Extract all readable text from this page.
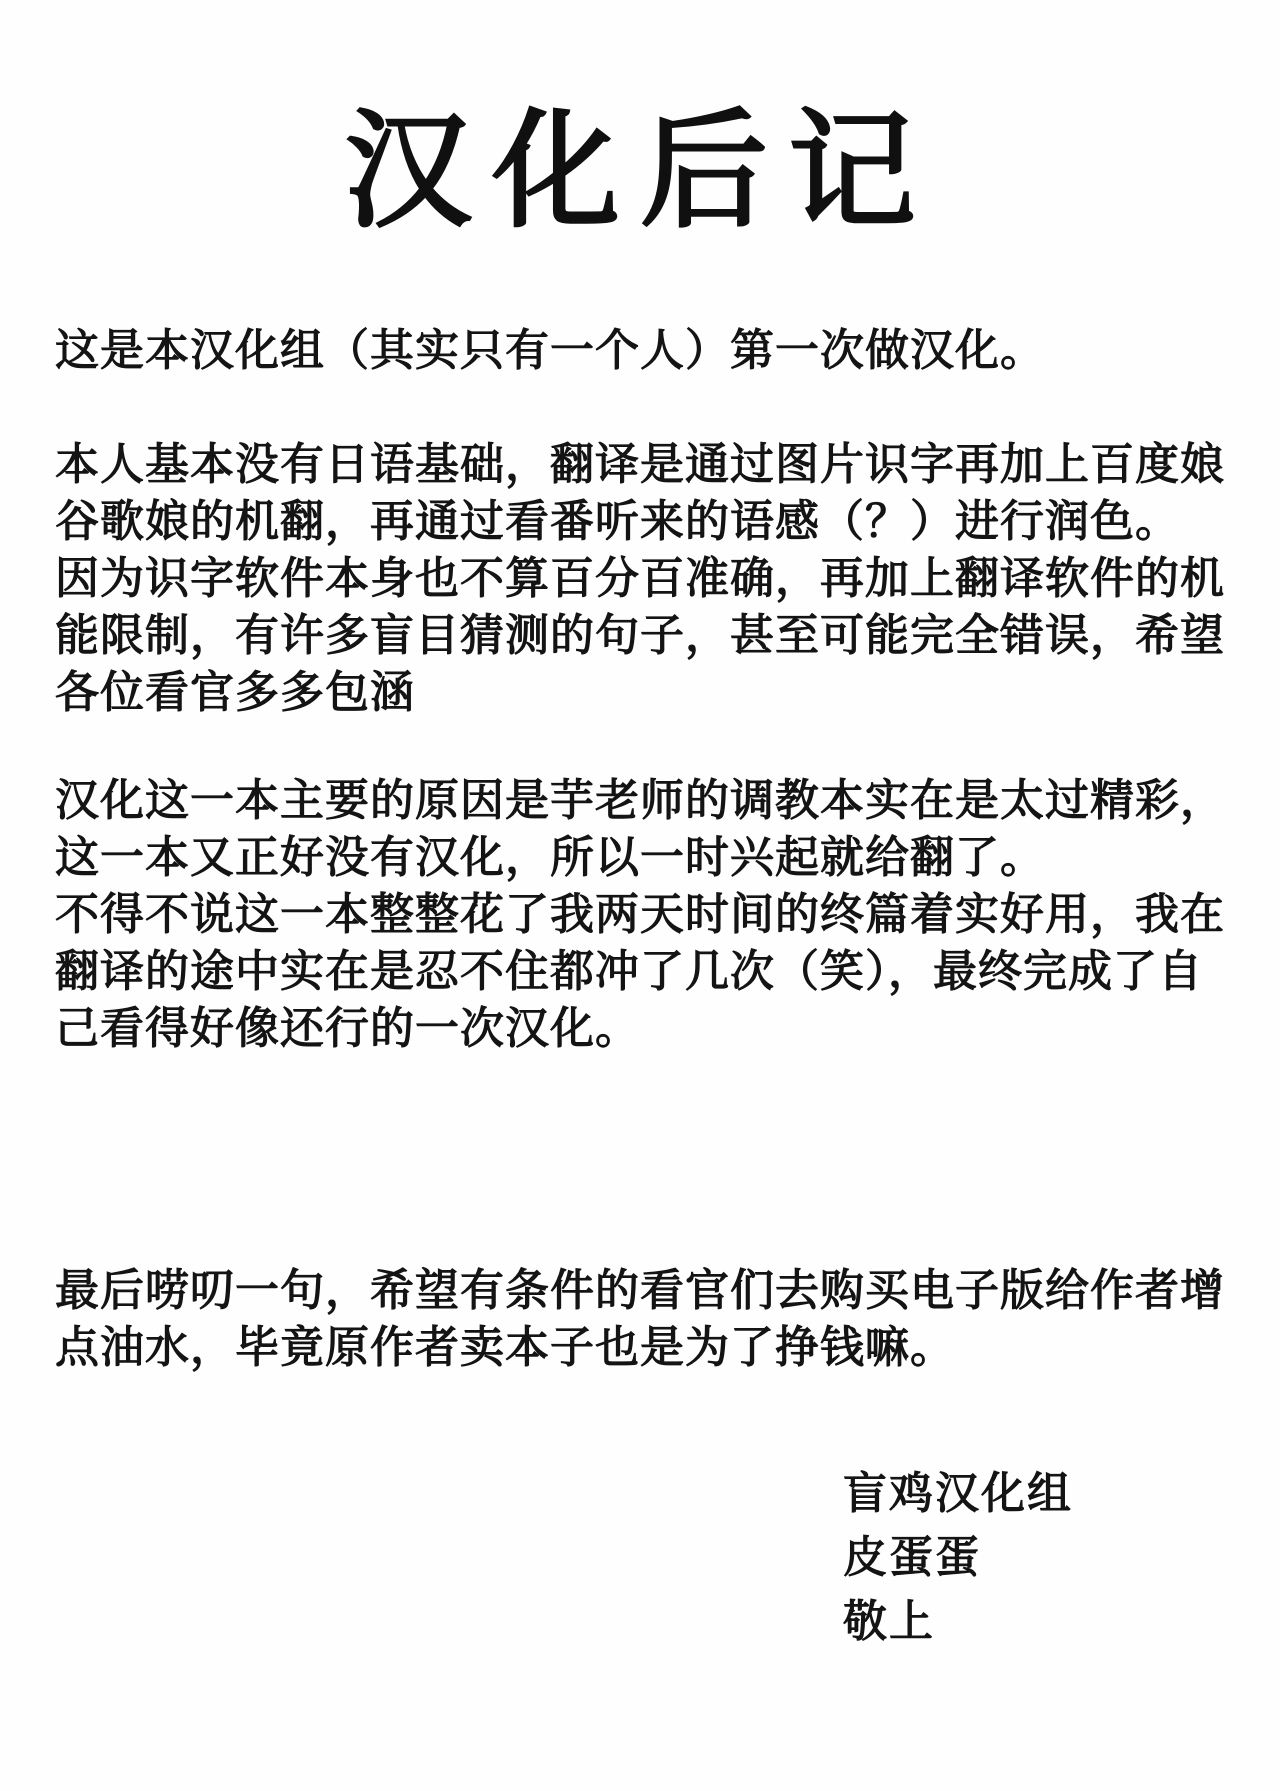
汉化后记
这是本汉化组（其实只有一个人）第一次做汉化。
本人基本没有日语基础，翻译是通过图片识字再加上百度娘
谷歌娘的机翻，再通过看番听来的语感（？）进行润色。
因为识字软件本身也不算百分百准确，再加上翻译软件的机
能限制，有许多盲目猜测的句子，甚至可能完全错误，希望
各位看官多多包涵
汉化这一本主要的原因是芋老师的调教本实在是太过精彩，
这一本又正好没有汉化，所以一时兴起就给翻了。
不得不说这一本整整花了我两天时间的终篇着实好用，我在
翻译的途中实在是忍不住都冲了几次（笑），最终完成了自
己看得好像还行的一次汉化。
最后唠叨一句，希望有条件的看官们去购买电子版给作者增
点油水，毕竟原作者卖本子也是为了挣钱嘛。
盲鸡汉化组
皮蛋蛋
敬上
